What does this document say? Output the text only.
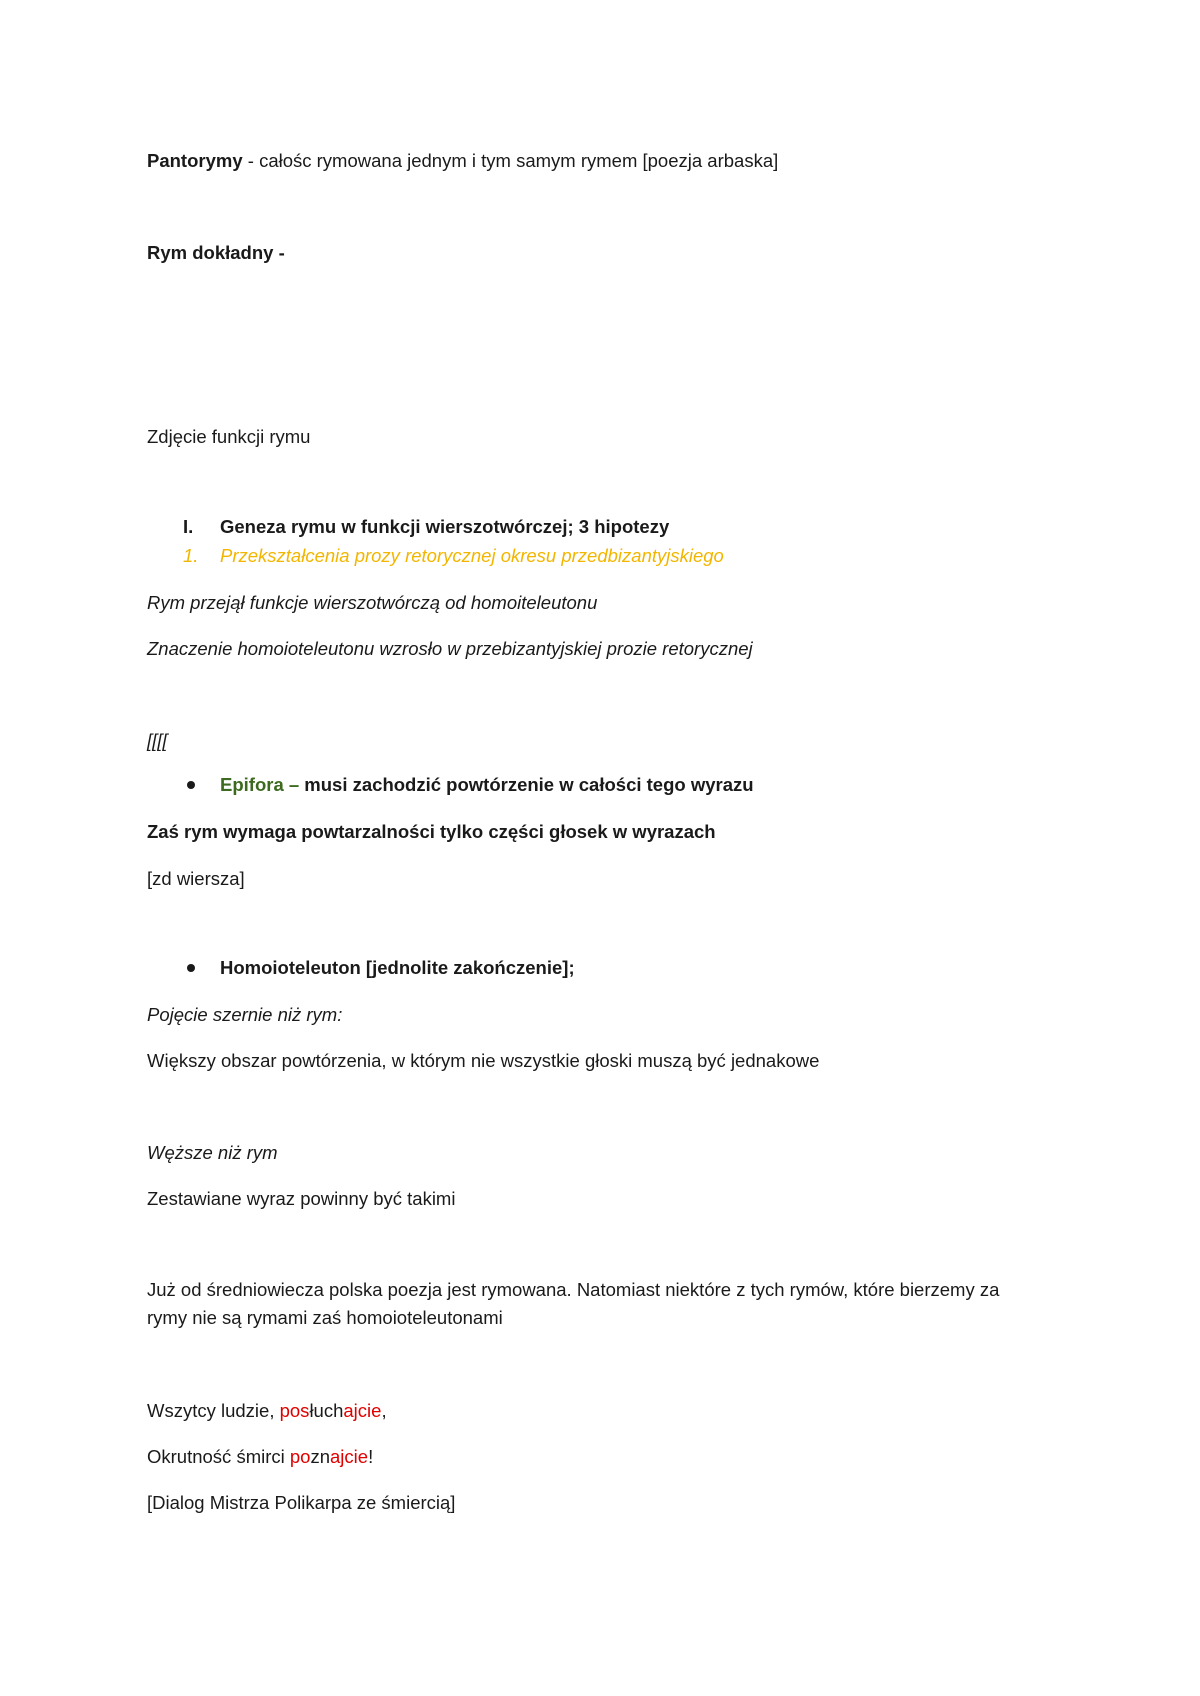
Pantorymy - całośc rymowana jednym i tym samym rymem [poezja arbaska]
Rym dokładny -
Zdjęcie funkcji rymu
I. Geneza rymu w funkcji wierszotwórczej; 3 hipotezy
1. Przekształcenia prozy retorycznej okresu przedbizantyjskiego
Rym przejął funkcje wierszotwórczą od homoiteleutonu
Znaczenie homoioteleutonu wzrosło w przebizantyjskiej prozie retorycznej
[[[[
Epifora – musi zachodzić powtórzenie w całości tego wyrazu
Zaś rym wymaga powtarzalności tylko części głosek w wyrazach
[zd wiersza]
Homoioteleuton [jednolite zakończenie];
Pojęcie szernie niż rym:
Większy obszar powtórzenia, w którym nie wszystkie głoski muszą być jednakowe
Węższe niż rym
Zestawiane wyraz powinny być takimi
Już od średniowiecza polska poezja jest rymowana. Natomiast niektóre z tych rymów, które bierzemy za rymy nie są rymami zaś homoioteleutonami
Wszytcy ludzie, posłuchajcie,
Okrutność śmirci poznajcie!
[Dialog Mistrza Polikarpa ze śmiercią]
